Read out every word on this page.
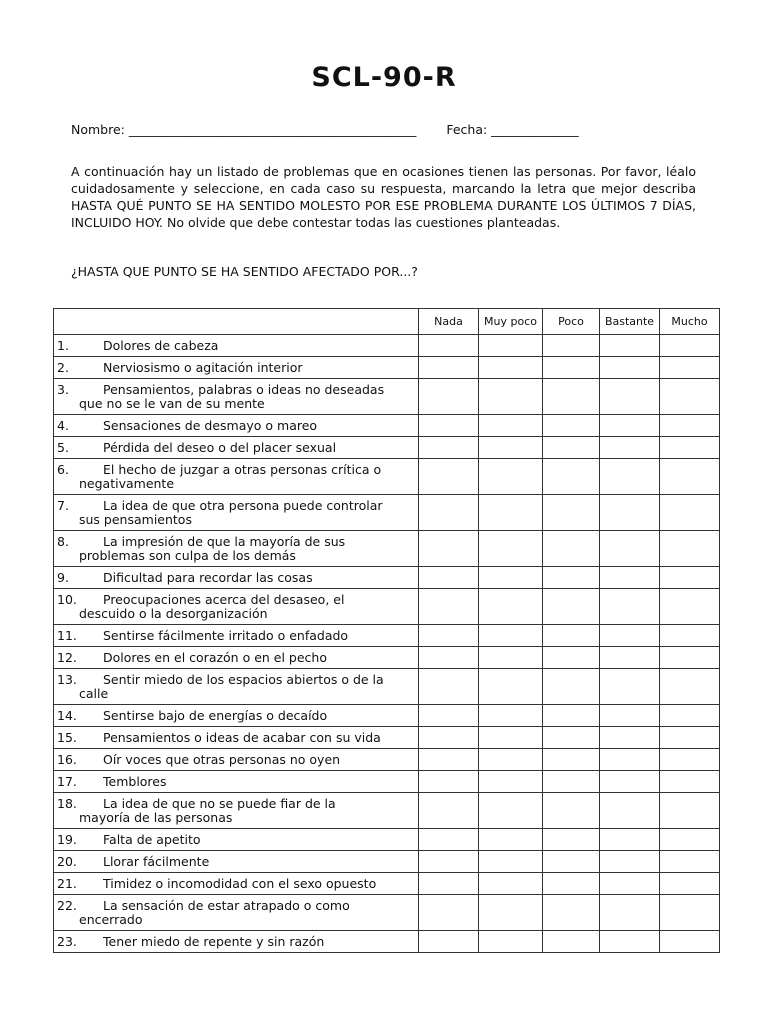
SCL-90-R
Nombre: ______________________________________________ Fecha: ______________
A continuación hay un listado de problemas que en ocasiones tienen las personas. Por favor, léalo cuidadosamente y seleccione, en cada caso su respuesta, marcando la letra que mejor describa HASTA QUÉ PUNTO SE HA SENTIDO MOLESTO POR ESE PROBLEMA DURANTE LOS ÚLTIMOS 7 DÍAS, INCLUIDO HOY. No olvide que debe contestar todas las cuestiones planteadas.
¿HASTA QUE PUNTO SE HA SENTIDO AFECTADO POR...?
	Nada	Muy poco	Poco	Bastante	Mucho
1. Dolores de cabeza					
2. Nerviosismo o agitación interior					
3. Pensamientos, palabras o ideas no deseadas
que no se le van de su mente					

4. Sensaciones de desmayo o mareo					
5. Pérdida del deseo o del placer sexual					
6. El hecho de juzgar a otras personas crítica o
negativamente					

7. La idea de que otra persona puede controlar
sus pensamientos					

8. La impresión de que la mayoría de sus
problemas son culpa de los demás					

9. Dificultad para recordar las cosas					
10. Preocupaciones acerca del desaseo, el
descuido o la desorganización					

11. Sentirse fácilmente irritado o enfadado					
12. Dolores en el corazón o en el pecho					
13. Sentir miedo de los espacios abiertos o de la
calle					

14. Sentirse bajo de energías o decaído					
15. Pensamientos o ideas de acabar con su vida					
16. Oír voces que otras personas no oyen					
17. Temblores					
18. La idea de que no se puede fiar de la
mayoría de las personas					

19. Falta de apetito					
20. Llorar fácilmente					
21. Timidez o incomodidad con el sexo opuesto					
22. La sensación de estar atrapado o como
encerrado					

23. Tener miedo de repente y sin razón					
